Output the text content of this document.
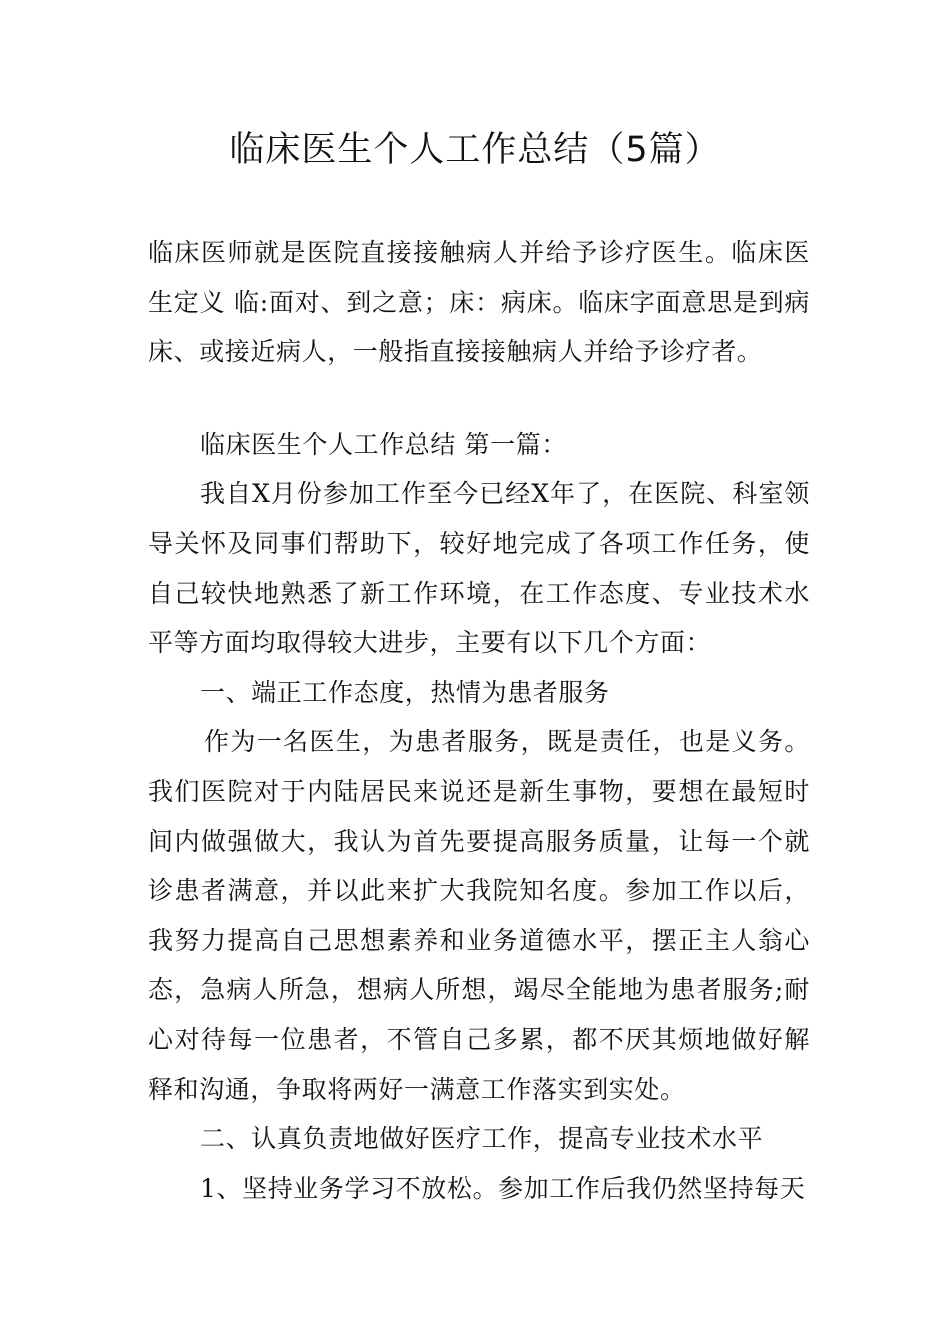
临床医生个人工作总结（5篇）

临床医师就是医院直接接触病人并给予诊疗医生。临床医生定义 临:面对、到之意；床：病床。临床字面意思是到病床、或接近病人，一般指直接接触病人并给予诊疗者。

临床医生个人工作总结 第一篇：

我自X月份参加工作至今已经X年了，在医院、科室领导关怀及同事们帮助下，较好地完成了各项工作任务，使自己较快地熟悉了新工作环境，在工作态度、专业技术水平等方面均取得较大进步，主要有以下几个方面：

一、端正工作态度，热情为患者服务

作为一名医生，为患者服务，既是责任，也是义务。我们医院对于内陆居民来说还是新生事物，要想在最短时间内做强做大，我认为首先要提高服务质量，让每一个就诊患者满意，并以此来扩大我院知名度。参加工作以后，我努力提高自己思想素养和业务道德水平，摆正主人翁心态，急病人所急，想病人所想，竭尽全能地为患者服务;耐心对待每一位患者，不管自己多累，都不厌其烦地做好解释和沟通，争取将两好一满意工作落实到实处。

二、认真负责地做好医疗工作，提高专业技术水平

1、坚持业务学习不放松。参加工作后我仍然坚持每天
